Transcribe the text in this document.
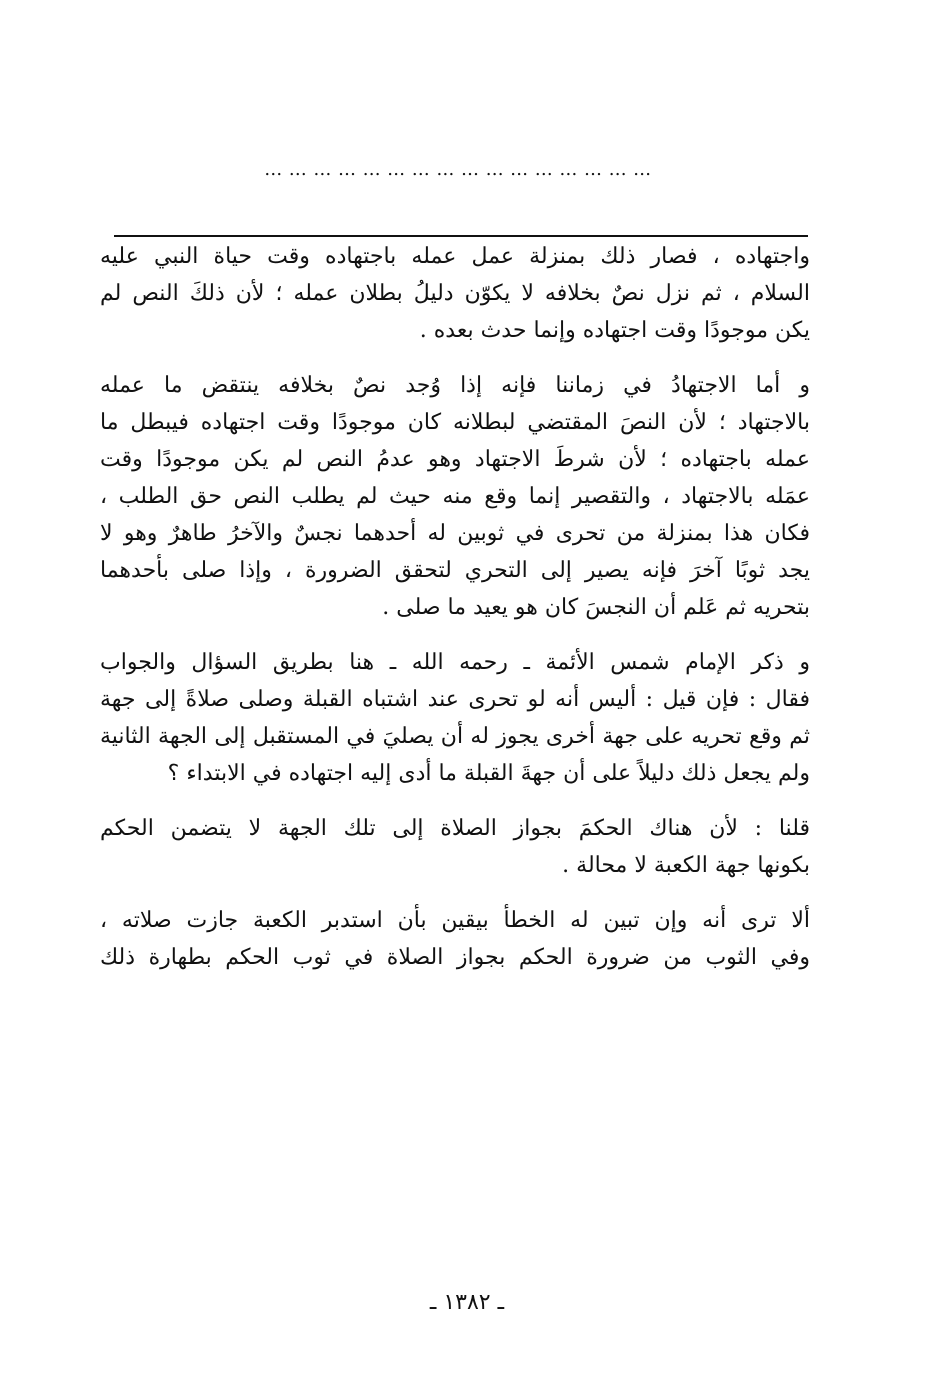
…………………………………………
واجتهاده ، فصار ذلك بمنزلة عمل عمله باجتهاده وقت حياة النبي عليه
السلام ، ثم نزل نصٌ بخلافه لا يكوّن دليلُ بطلان عمله ؛ لأن ذلكَ النص لم
يكن موجودًا وقت اجتهاده وإنما حدث بعده .
و أما الاجتهادُ في زماننا فإنه إذا وُجد نصٌ بخلافه ينتقض ما عمله
بالاجتهاد ؛ لأن النصَ المقتضي لبطلانه كان موجودًا وقت اجتهاده فيبطل ما
عمله باجتهاده ؛ لأن شرطَ الاجتهاد وهو عدمُ النص لم يكن موجودًا وقت
عمَله بالاجتهاد ، والتقصير إنما وقع منه حيث لم يطلب النص حق الطلب ،
فكان هذا بمنزلة من تحرى في ثوبين له أحدهما نجسٌ والآخرُ طاهرٌ وهو لا
يجد ثوبًا آخرَ فإنه يصير إلى التحري لتحقق الضرورة ، وإذا صلى بأحدهما
بتحريه ثم عَلم أن النجسَ كان هو يعيد ما صلى .
و ذكر الإمام شمس الأئمة ـ رحمه الله ـ هنا بطريق السؤال والجواب
فقال : فإن قيل : أليس أنه لو تحرى عند اشتباه القبلة وصلى صلاةً إلى جهة
ثم وقع تحريه على جهة أخرى يجوز له أن يصليَ في المستقبل إلى الجهة الثانية
ولم يجعل ذلك دليلاً على أن جهةَ القبلة ما أدى إليه اجتهاده في الابتداء ؟
قلنا : لأن هناك الحكمَ بجواز الصلاة إلى تلك الجهة لا يتضمن الحكم
بكونها جهة الكعبة لا محالة .
ألا ترى أنه وإن تبين له الخطأ بيقين بأن استدبر الكعبة جازت صلاته ،
وفي الثوب من ضرورة الحكم بجواز الصلاة في ثوب الحكم بطهارة ذلك
ـ ١٣٨٢ ـ
